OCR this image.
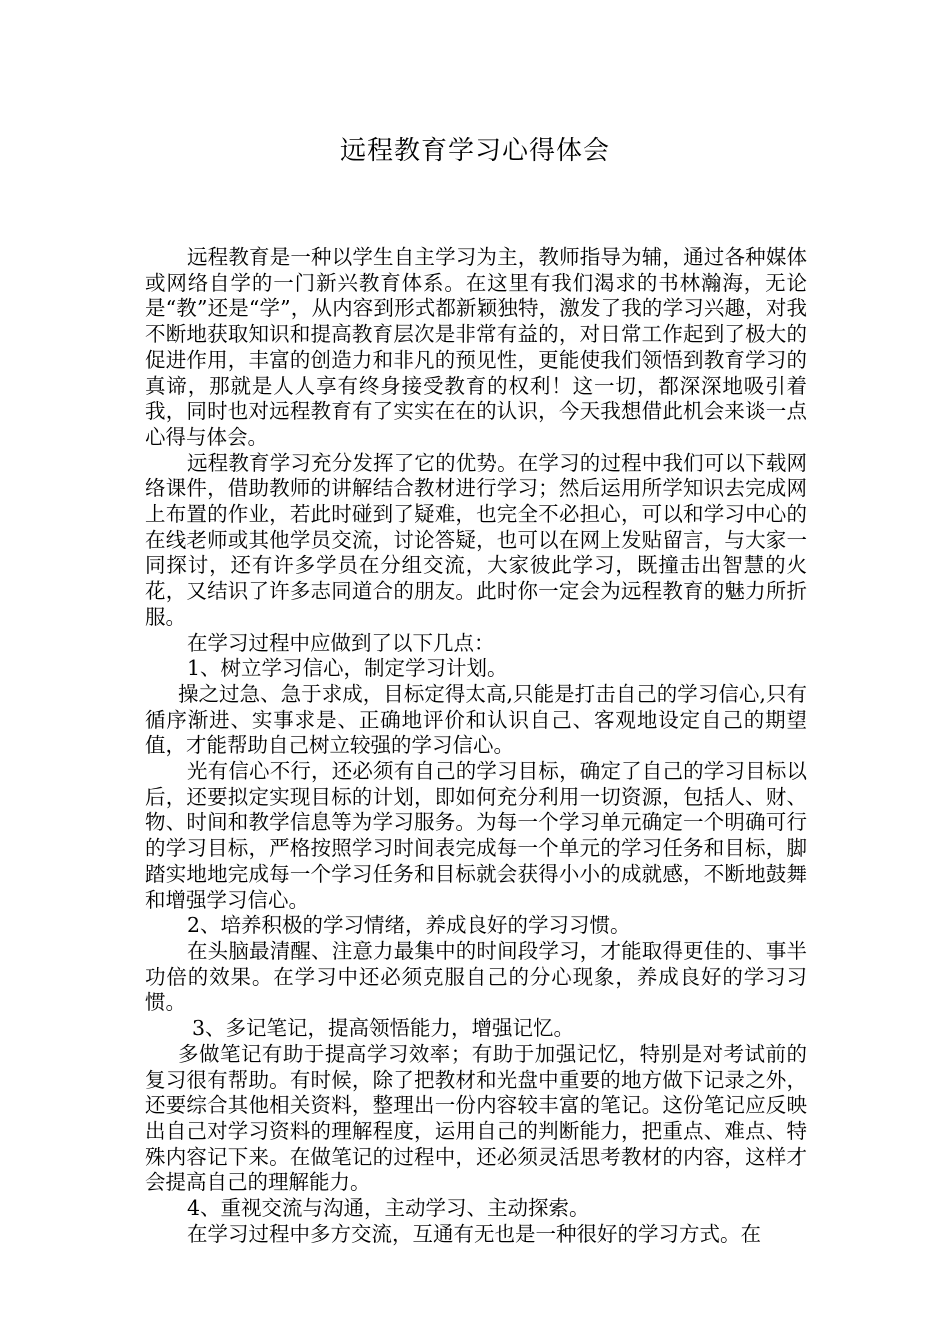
远程教育学习心得体会

远程教育是一种以学生自主学习为主，教师指导为辅，通过各种媒体或网络自学的一门新兴教育体系。在这里有我们渴求的书林瀚海，无论是“教”还是“学”，从内容到形式都新颖独特，激发了我的学习兴趣，对我不断地获取知识和提高教育层次是非常有益的，对日常工作起到了极大的促进作用，丰富的创造力和非凡的预见性，更能使我们领悟到教育学习的真谛，那就是人人享有终身接受教育的权利！这一切，都深深地吸引着我，同时也对远程教育有了实实在在的认识，今天我想借此机会来谈一点心得与体会。

远程教育学习充分发挥了它的优势。在学习的过程中我们可以下载网络课件，借助教师的讲解结合教材进行学习；然后运用所学知识去完成网上布置的作业，若此时碰到了疑难，也完全不必担心，可以和学习中心的在线老师或其他学员交流，讨论答疑，也可以在网上发贴留言，与大家一同探讨，还有许多学员在分组交流，大家彼此学习，既撞击出智慧的火花，又结识了许多志同道合的朋友。此时你一定会为远程教育的魅力所折服。

在学习过程中应做到了以下几点：

1、树立学习信心，制定学习计划。

操之过急、急于求成，目标定得太高,只能是打击自己的学习信心,只有循序渐进、实事求是、正确地评价和认识自己、客观地设定自己的期望值，才能帮助自己树立较强的学习信心。

光有信心不行，还必须有自己的学习目标，确定了自己的学习目标以后，还要拟定实现目标的计划，即如何充分利用一切资源，包括人、财、物、时间和教学信息等为学习服务。为每一个学习单元确定一个明确可行的学习目标，严格按照学习时间表完成每一个单元的学习任务和目标，脚踏实地地完成每一个学习任务和目标就会获得小小的成就感，不断地鼓舞和增强学习信心。

2、培养积极的学习情绪，养成良好的学习习惯。

在头脑最清醒、注意力最集中的时间段学习，才能取得更佳的、事半功倍的效果。在学习中还必须克服自己的分心现象，养成良好的学习习惯。

3、多记笔记，提高领悟能力，增强记忆。

多做笔记有助于提高学习效率；有助于加强记忆，特别是对考试前的复习很有帮助。有时候，除了把教材和光盘中重要的地方做下记录之外，还要综合其他相关资料，整理出一份内容较丰富的笔记。这份笔记应反映出自己对学习资料的理解程度，运用自己的判断能力，把重点、难点、特殊内容记下来。在做笔记的过程中，还必须灵活思考教材的内容，这样才会提高自己的理解能力。

4、重视交流与沟通，主动学习、主动探索。

在学习过程中多方交流，互通有无也是一种很好的学习方式。在
